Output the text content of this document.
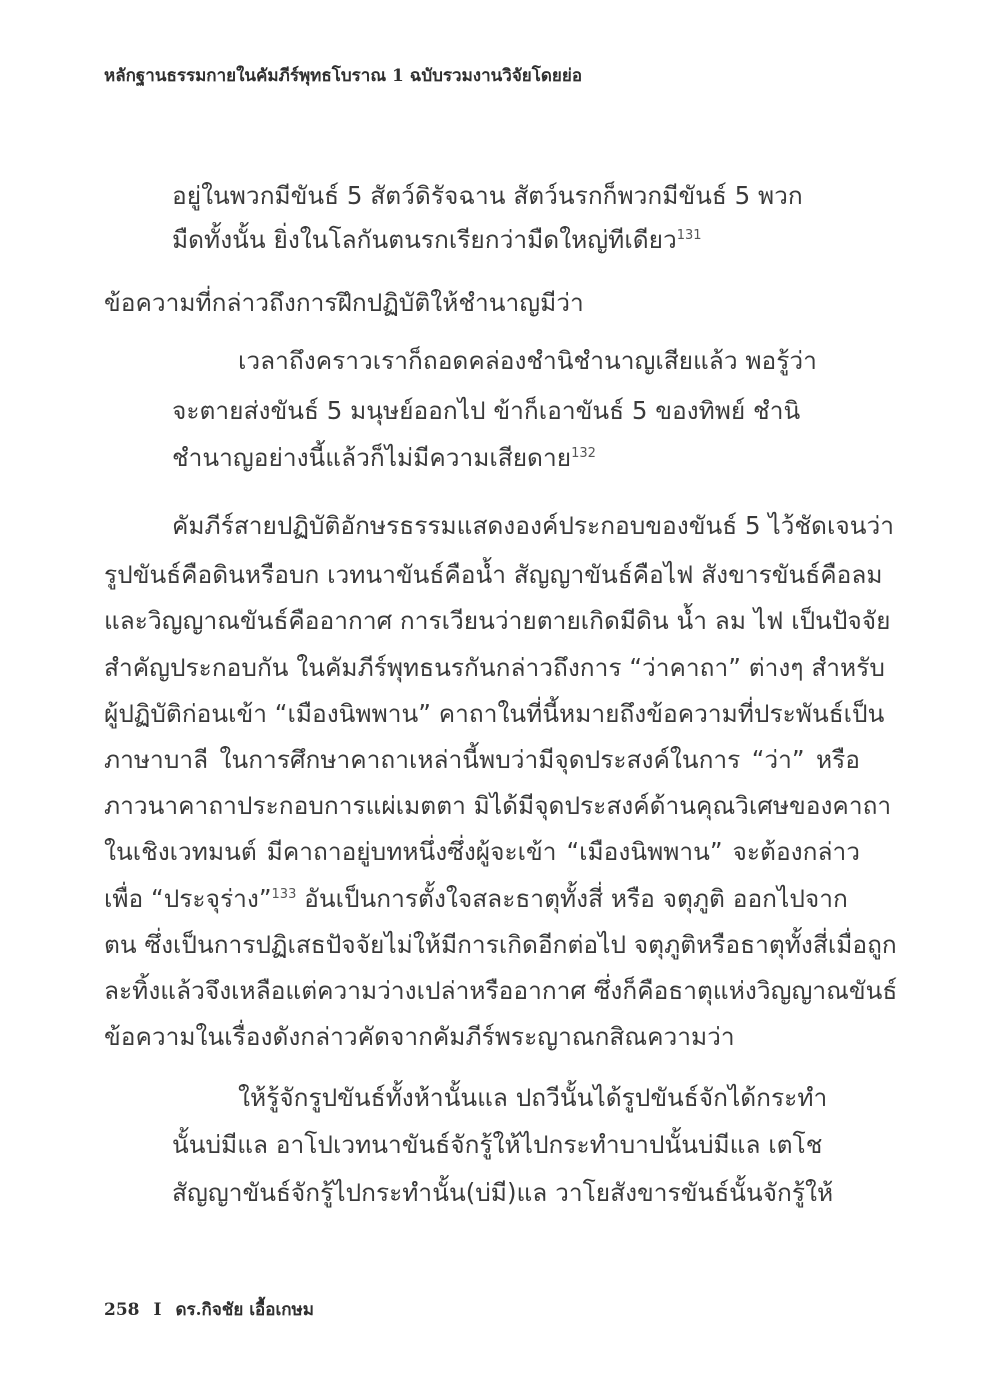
หลักฐานธรรมกายในคัมภีร์พุทธโบราณ 1 ฉบับรวมงานวิจัยโดยย่อ
อยู่ในพวกมีขันธ์ 5 สัตว์ดิรัจฉาน สัตว์นรกก็พวกมีขันธ์ 5 พวก
มืดทั้งนั้น ยิ่งในโลกันตนรกเรียกว่ามืดใหญ่ทีเดียว$^{131}$
ข้อความที่กล่าวถึงการฝึกปฏิบัติให้ชำนาญมีว่า
เวลาถึงคราวเราก็ถอดคล่องชำนิชำนาญเสียแล้ว พอรู้ว่า
จะตายส่งขันธ์ 5 มนุษย์ออกไป ข้าก็เอาขันธ์ 5 ของทิพย์ ชำนิ
ชำนาญอย่างนี้แล้วก็ไม่มีความเสียดาย$^{132}$
คัมภีร์สายปฏิบัติอักษรธรรมแสดงองค์ประกอบของขันธ์ 5 ไว้ชัดเจนว่า
รูปขันธ์คือดินหรือบก เวทนาขันธ์คือน้ำ สัญญาขันธ์คือไฟ สังขารขันธ์คือลม
และวิญญาณขันธ์คืออากาศ การเวียนว่ายตายเกิดมีดิน น้ำ ลม ไฟ เป็นปัจจัย
สำคัญประกอบกัน ในคัมภีร์พุทธนรกันกล่าวถึงการ “ว่าคาถา” ต่างๆ สำหรับ
ผู้ปฏิบัติก่อนเข้า “เมืองนิพพาน” คาถาในที่นี้หมายถึงข้อความที่ประพันธ์เป็น
ภาษาบาลี ในการศึกษาคาถาเหล่านี้พบว่ามีจุดประสงค์ในการ “ว่า” หรือ
ภาวนาคาถาประกอบการแผ่เมตตา มิได้มีจุดประสงค์ด้านคุณวิเศษของคาถา
ในเชิงเวทมนต์ มีคาถาอยู่บทหนึ่งซึ่งผู้จะเข้า “เมืองนิพพาน” จะต้องกล่าว
เพื่อ “ประจุร่าง”$^{133}$ อันเป็นการตั้งใจสละธาตุทั้งสี่ หรือ จตุภูติ ออกไปจาก
ตน ซึ่งเป็นการปฏิเสธปัจจัยไม่ให้มีการเกิดอีกต่อไป จตุภูติหรือธาตุทั้งสี่เมื่อถูก
ละทิ้งแล้วจึงเหลือแต่ความว่างเปล่าหรืออากาศ ซึ่งก็คือธาตุแห่งวิญญาณขันธ์
ข้อความในเรื่องดังกล่าวคัดจากคัมภีร์พระญาณกสิณความว่า
ให้รู้จักรูปขันธ์ทั้งห้านั้นแล ปถวีนั้นได้รูปขันธ์จักได้กระทำ
นั้นบ่มีแล อาโปเวทนาขันธ์จักรู้ให้ไปกระทำบาปนั้นบ่มีแล เตโช
สัญญาขันธ์จักรู้ไปกระทำนั้น(บ่มี)แล วาโยสังขารขันธ์นั้นจักรู้ให้
258 I ดร.กิจชัย เอื้อเกษม
